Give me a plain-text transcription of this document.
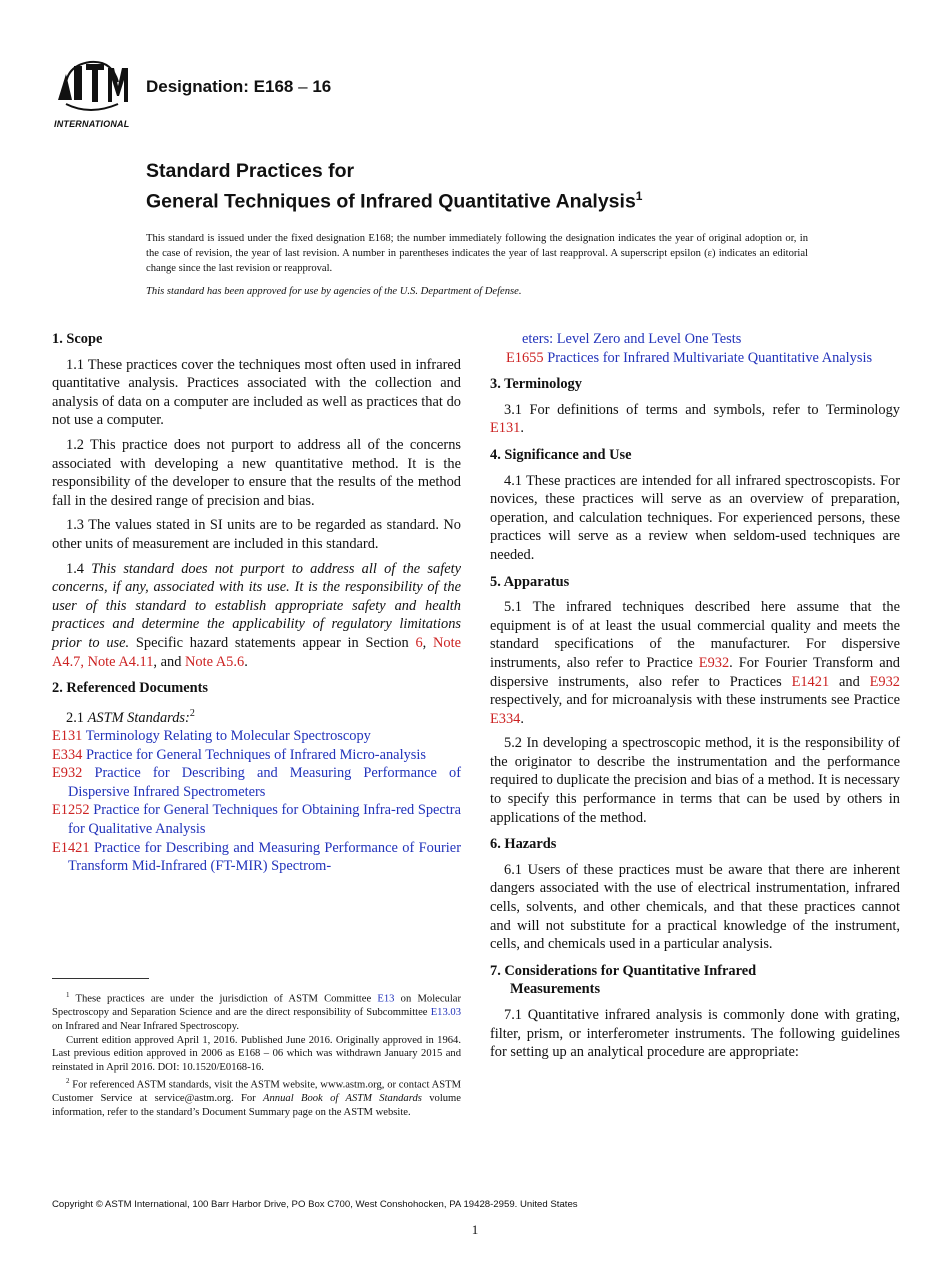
INTERNATIONAL
Designation: E168 – 16
Standard Practices for
General Techniques of Infrared Quantitative Analysis$^1$
This standard is issued under the fixed designation E168; the number immediately following the designation indicates the year of original adoption or, in the case of revision, the year of last revision. A number in parentheses indicates the year of last reapproval. A superscript epsilon (ε) indicates an editorial change since the last revision or reapproval.
This standard has been approved for use by agencies of the U.S. Department of Defense.

1. Scope

1.1 These practices cover the techniques most often used in infrared quantitative analysis. Practices associated with the collection and analysis of data on a computer are included as well as practices that do not use a computer.

1.2 This practice does not purport to address all of the concerns associated with developing a new quantitative method. It is the responsibility of the developer to ensure that the results of the method fall in the desired range of precision and bias.

1.3 The values stated in SI units are to be regarded as standard. No other units of measurement are included in this standard.

1.4 This standard does not purport to address all of the safety concerns, if any, associated with its use. It is the responsibility of the user of this standard to establish appropriate safety and health practices and determine the applicability of regulatory limitations prior to use. Specific hazard statements appear in Section 6, Note A4.7, Note A4.11, and Note A5.6.

2. Referenced Documents

2.1 ASTM Standards:$^2$

E131 Terminology Relating to Molecular Spectroscopy

E334 Practice for General Techniques of Infrared Micro-analysis

E932 Practice for Describing and Measuring Performance of Dispersive Infrared Spectrometers

E1252 Practice for General Techniques for Obtaining Infra-red Spectra for Qualitative Analysis

E1421 Practice for Describing and Measuring Performance of Fourier Transform Mid-Infrared (FT-MIR) Spectrom-

$^1$ These practices are under the jurisdiction of ASTM Committee E13 on Molecular Spectroscopy and Separation Science and are the direct responsibility of Subcommittee E13.03 on Infrared and Near Infrared Spectroscopy.

Current edition approved April 1, 2016. Published June 2016. Originally approved in 1964. Last previous edition approved in 2006 as E168 – 06 which was withdrawn January 2015 and reinstated in April 2016. DOI: 10.1520/E0168-16.

$^2$ For referenced ASTM standards, visit the ASTM website, www.astm.org, or contact ASTM Customer Service at service@astm.org. For Annual Book of ASTM Standards volume information, refer to the standard’s Document Summary page on the ASTM website.

eters: Level Zero and Level One Tests

E1655 Practices for Infrared Multivariate Quantitative Analysis

3. Terminology

3.1 For definitions of terms and symbols, refer to Terminology E131.

4. Significance and Use

4.1 These practices are intended for all infrared spectroscopists. For novices, these practices will serve as an overview of preparation, operation, and calculation techniques. For experienced persons, these practices will serve as a review when seldom-used techniques are needed.

5. Apparatus

5.1 The infrared techniques described here assume that the equipment is of at least the usual commercial quality and meets the standard specifications of the manufacturer. For dispersive instruments, also refer to Practice E932. For Fourier Transform and dispersive instruments, also refer to Practices E1421 and E932 respectively, and for microanalysis with these instruments see Practice E334.

5.2 In developing a spectroscopic method, it is the responsibility of the originator to describe the instrumentation and the performance required to duplicate the precision and bias of a method. It is necessary to specify this performance in terms that can be used by others in applications of the method.

6. Hazards

6.1 Users of these practices must be aware that there are inherent dangers associated with the use of electrical instrumentation, infrared cells, solvents, and other chemicals, and that these practices cannot and will not substitute for a practical knowledge of the instrument, cells, and chemicals used in a particular analysis.

7. Considerations for Quantitative Infrared
Measurements

7.1 Quantitative infrared analysis is commonly done with grating, filter, prism, or interferometer instruments. The following guidelines for setting up an analytical procedure are appropriate:

Copyright © ASTM International, 100 Barr Harbor Drive, PO Box C700, West Conshohocken, PA 19428-2959. United States
1
